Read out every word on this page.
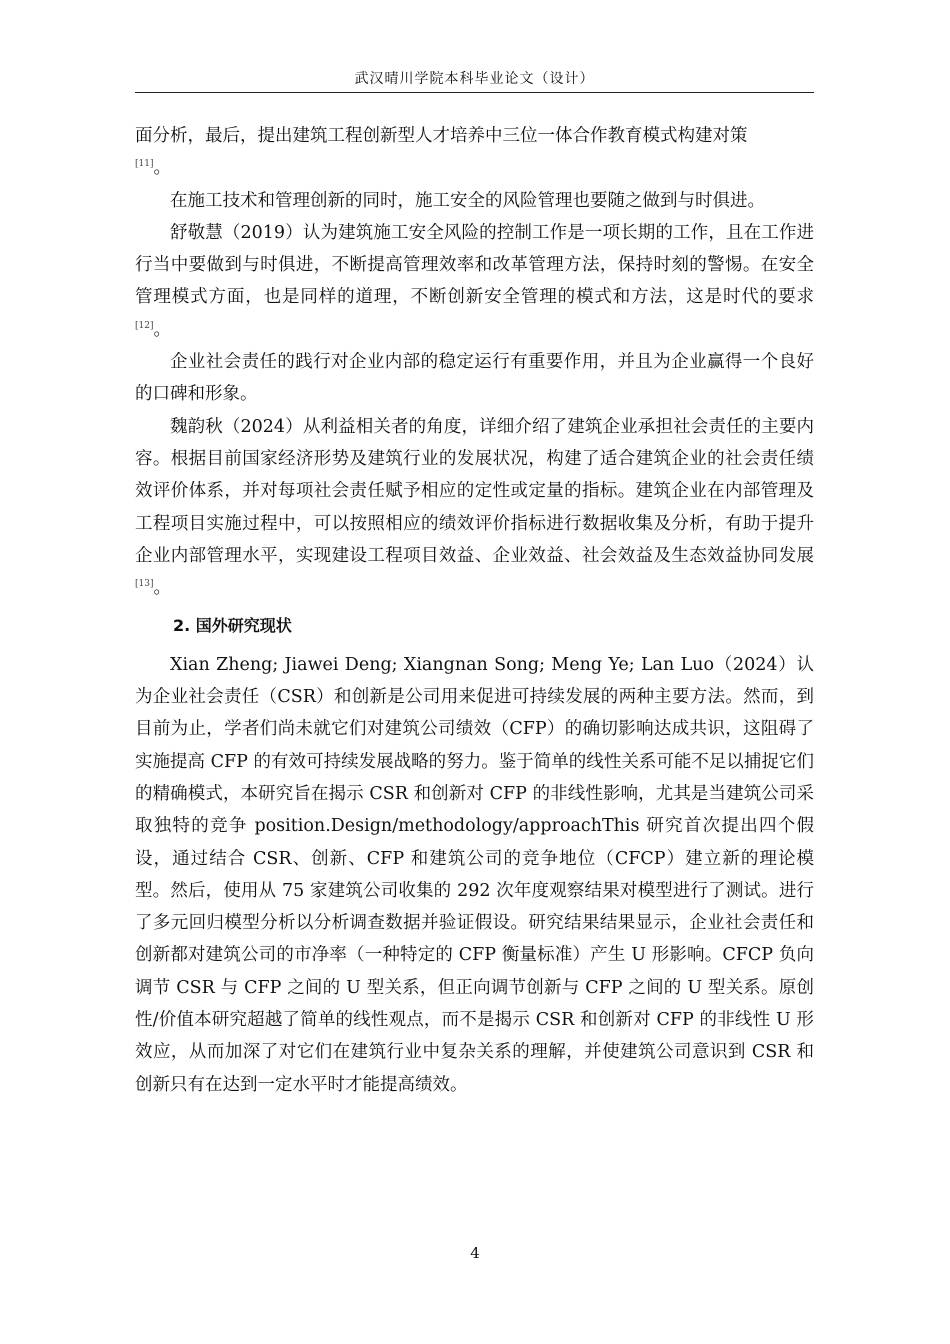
武汉晴川学院本科毕业论文（设计）

面分析，最后，提出建筑工程创新型人才培养中三位一体合作教育模式构建对策
[11]。

在施工技术和管理创新的同时，施工安全的风险管理也要随之做到与时俱进。

舒敬慧（2019）认为建筑施工安全风险的控制工作是一项长期的工作，且在工作进行当中要做到与时俱进，不断提高管理效率和改革管理方法，保持时刻的警惕。在安全管理模式方面，也是同样的道理，不断创新安全管理的模式和方法，这是时代的要求[12]。

企业社会责任的践行对企业内部的稳定运行有重要作用，并且为企业赢得一个良好的口碑和形象。

魏韵秋（2024）从利益相关者的角度，详细介绍了建筑企业承担社会责任的主要内容。根据目前国家经济形势及建筑行业的发展状况，构建了适合建筑企业的社会责任绩效评价体系，并对每项社会责任赋予相应的定性或定量的指标。建筑企业在内部管理及工程项目实施过程中，可以按照相应的绩效评价指标进行数据收集及分析，有助于提升企业内部管理水平，实现建设工程项目效益、企业效益、社会效益及生态效益协同发展[13]。

2. 国外研究现状

Xian Zheng; Jiawei Deng; Xiangnan Song; Meng Ye; Lan Luo（2024）认为企业社会责任（CSR）和创新是公司用来促进可持续发展的两种主要方法。然而，到目前为止，学者们尚未就它们对建筑公司绩效（CFP）的确切影响达成共识，这阻碍了实施提高 CFP 的有效可持续发展战略的努力。鉴于简单的线性关系可能不足以捕捉它们的精确模式，本研究旨在揭示 CSR 和创新对 CFP 的非线性影响，尤其是当建筑公司采取独特的竞争 position.Design/methodology/approachThis 研究首次提出四个假设，通过结合 CSR、创新、CFP 和建筑公司的竞争地位（CFCP）建立新的理论模型。然后，使用从 75 家建筑公司收集的 292 次年度观察结果对模型进行了测试。进行了多元回归模型分析以分析调查数据并验证假设。研究结果结果显示，企业社会责任和创新都对建筑公司的市净率（一种特定的 CFP 衡量标准）产生 U 形影响。CFCP 负向调节 CSR 与 CFP 之间的 U 型关系，但正向调节创新与 CFP 之间的 U 型关系。原创性/价值本研究超越了简单的线性观点，而不是揭示 CSR 和创新对 CFP 的非线性 U 形效应，从而加深了对它们在建筑行业中复杂关系的理解，并使建筑公司意识到 CSR 和创新只有在达到一定水平时才能提高绩效。

4
